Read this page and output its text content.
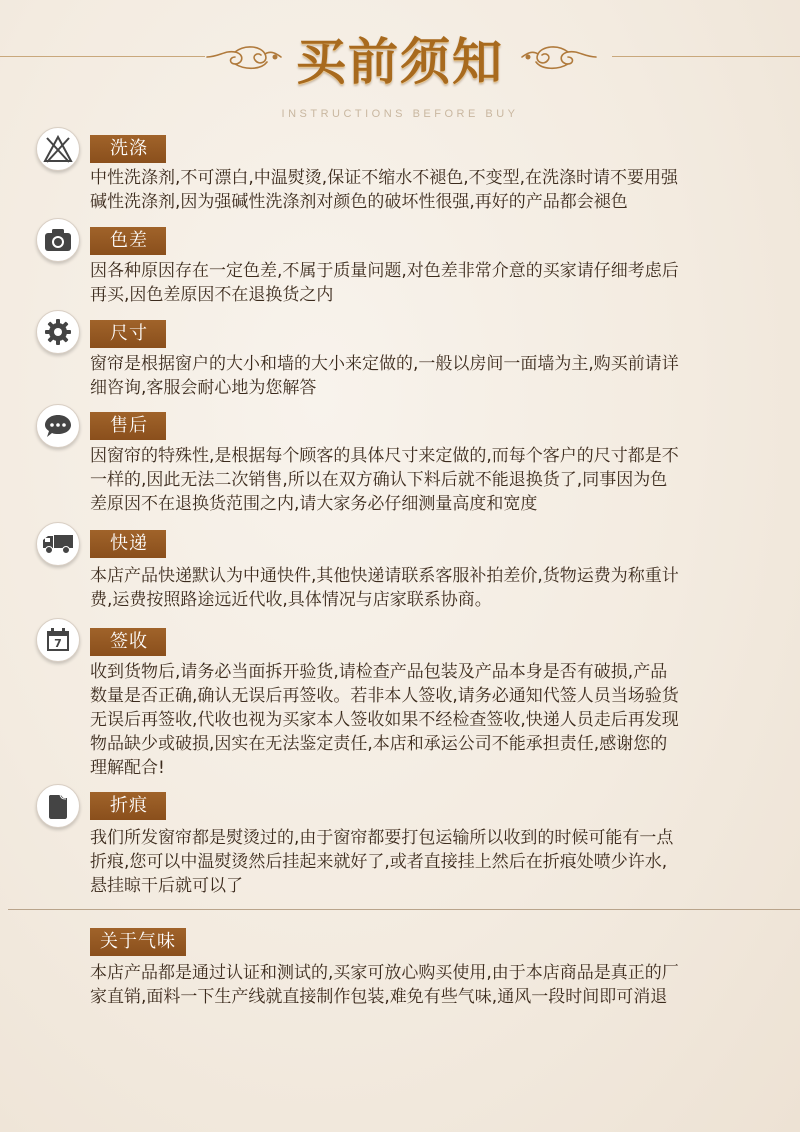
买前须知
INSTRUCTIONS BEFORE BUY
洗涤
中性洗涤剂,不可漂白,中温熨烫,保证不缩水不褪色,不变型,在洗涤时请不要用强
碱性洗涤剂,因为强碱性洗涤剂对颜色的破坏性很强,再好的产品都会褪色
色差
因各种原因存在一定色差,不属于质量问题,对色差非常介意的买家请仔细考虑后
再买,因色差原因不在退换货之内
尺寸
窗帘是根据窗户的大小和墙的大小来定做的,一般以房间一面墙为主,购买前请详
细咨询,客服会耐心地为您解答
售后
因窗帘的特殊性,是根据每个顾客的具体尺寸来定做的,而每个客户的尺寸都是不
一样的,因此无法二次销售,所以在双方确认下料后就不能退换货了,同事因为色
差原因不在退换货范围之内,请大家务必仔细测量高度和宽度
快递
本店产品快递默认为中通快件,其他快递请联系客服补拍差价,货物运费为称重计
费,运费按照路途远近代收,具体情况与店家联系协商。
7	签收
收到货物后,请务必当面拆开验货,请检查产品包装及产品本身是否有破损,产品
数量是否正确,确认无误后再签收。若非本人签收,请务必通知代签人员当场验货
无误后再签收,代收也视为买家本人签收如果不经检查签收,快递人员走后再发现
物品缺少或破损,因实在无法鉴定责任,本店和承运公司不能承担责任,感谢您的
理解配合!
折痕
我们所发窗帘都是熨烫过的,由于窗帘都要打包运输所以收到的时候可能有一点
折痕,您可以中温熨烫然后挂起来就好了,或者直接挂上然后在折痕处喷少许水,
悬挂晾干后就可以了
关于气味
本店产品都是通过认证和测试的,买家可放心购买使用,由于本店商品是真正的厂
家直销,面料一下生产线就直接制作包装,难免有些气味,通风一段时间即可消退
